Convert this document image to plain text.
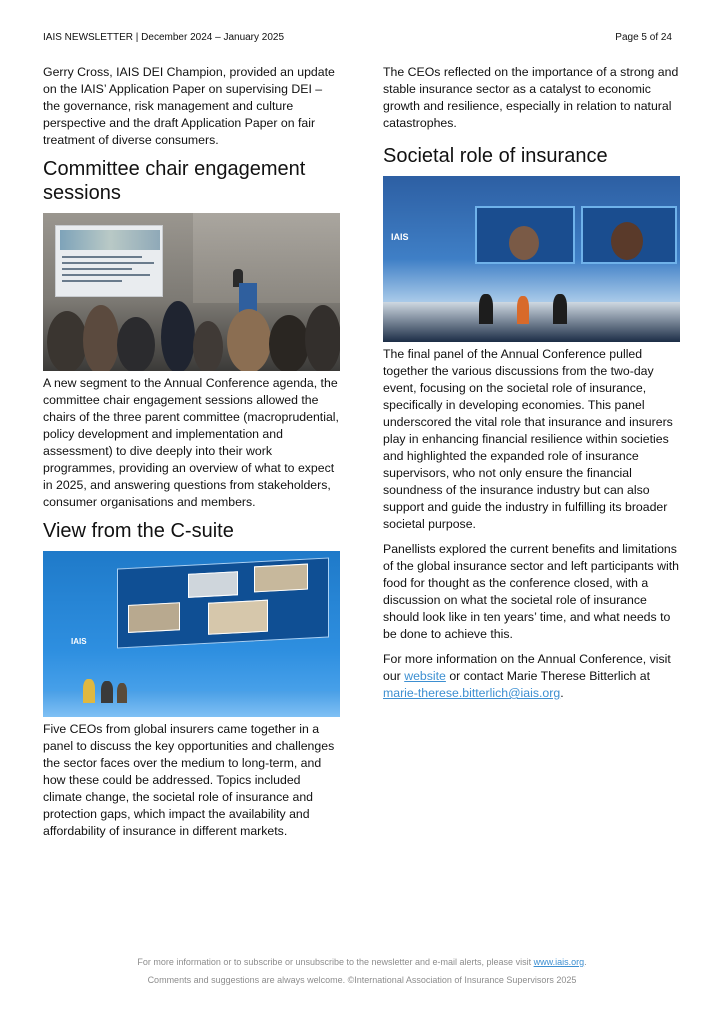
IAIS NEWSLETTER | December 2024 – January 2025	Page 5 of 24

Gerry Cross, IAIS DEI Champion, provided an update on the IAIS’ Application Paper on supervising DEI – the governance, risk management and culture perspective and the draft Application Paper on fair treatment of diverse consumers.

Committee chair engagement sessions

A new segment to the Annual Conference agenda, the committee chair engagement sessions allowed the chairs of the three parent committee (macroprudential, policy development and implementation and assessment) to dive deeply into their work programmes, providing an overview of what to expect in 2025, and answering questions from stakeholders, consumer organisations and members.

View from the C-suite
IAIS

Five CEOs from global insurers came together in a panel to discuss the key opportunities and challenges the sector faces over the medium to long-term, and how these could be addressed. Topics included climate change, the societal role of insurance and protection gaps, which impact the availability and affordability of insurance in different markets.

The CEOs reflected on the importance of a strong and stable insurance sector as a catalyst to economic growth and resilience, especially in relation to natural catastrophes.

Societal role of insurance
IAIS

The final panel of the Annual Conference pulled together the various discussions from the two-day event, focusing on the societal role of insurance, specifically in developing economies. This panel underscored the vital role that insurance and insurers play in enhancing financial resilience within societies and highlighted the expanded role of insurance supervisors, who not only ensure the financial soundness of the insurance industry but can also support and guide the industry in fulfilling its broader societal purpose.

Panellists explored the current benefits and limitations of the global insurance sector and left participants with food for thought as the conference closed, with a discussion on what the societal role of insurance should look like in ten years’ time, and what needs to be done to achieve this.

For more information on the Annual Conference, visit our website or contact Marie Therese Bitterlich at marie-therese.bitterlich@iais.org.

For more information or to subscribe or unsubscribe to the newsletter and e-mail alerts, please visit www.iais.org.
Comments and suggestions are always welcome. ©International Association of Insurance Supervisors 2025
